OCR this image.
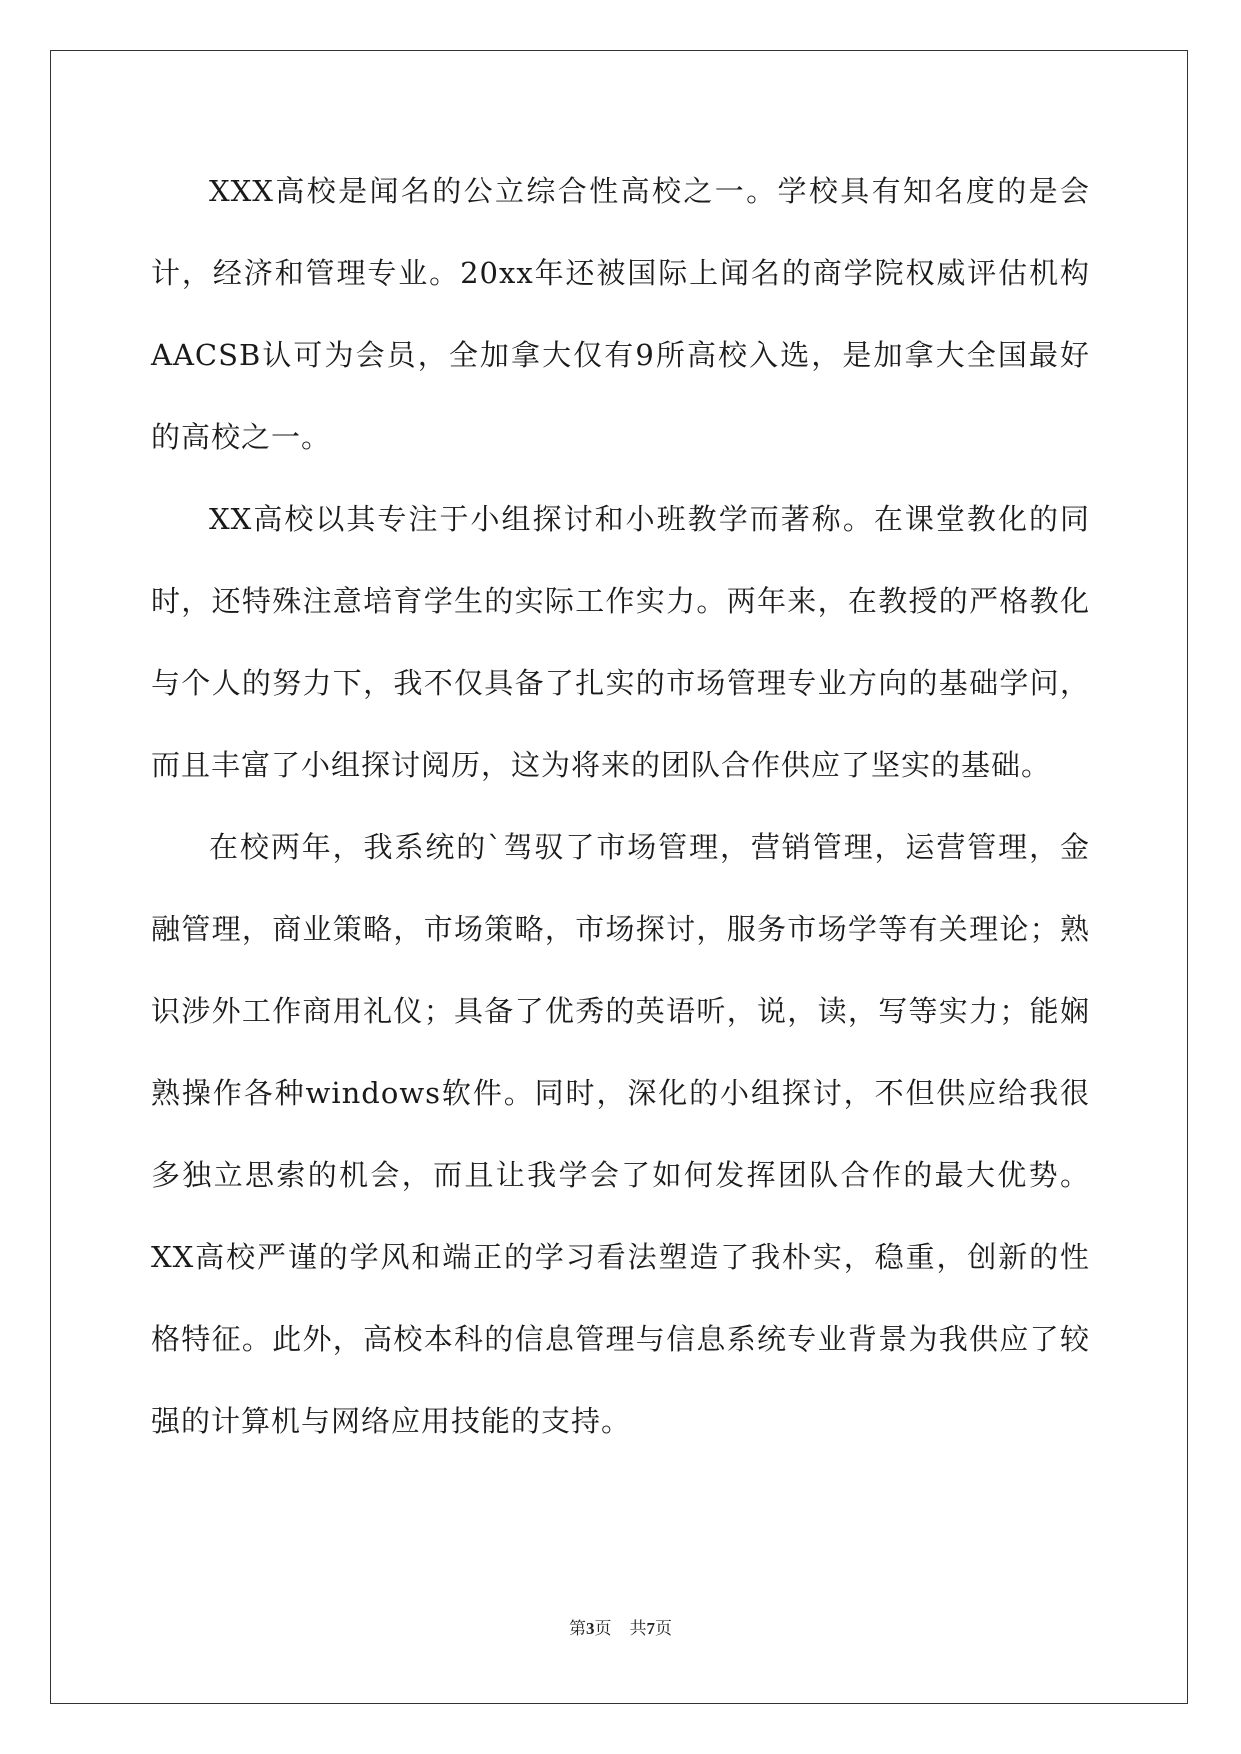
XXX高校是闻名的公立综合性高校之一。学校具有知名度的是会计，经济和管理专业。20xx年还被国际上闻名的商学院权威评估机构AACSB认可为会员，全加拿大仅有9所高校入选，是加拿大全国最好的高校之一。

XX高校以其专注于小组探讨和小班教学而著称。在课堂教化的同时，还特殊注意培育学生的实际工作实力。两年来，在教授的严格教化与个人的努力下，我不仅具备了扎实的市场管理专业方向的基础学问，而且丰富了小组探讨阅历，这为将来的团队合作供应了坚实的基础。

在校两年，我系统的`驾驭了市场管理，营销管理，运营管理，金融管理，商业策略，市场策略，市场探讨，服务市场学等有关理论；熟识涉外工作商用礼仪；具备了优秀的英语听，说，读，写等实力；能娴熟操作各种windows软件。同时，深化的小组探讨，不但供应给我很多独立思索的机会，而且让我学会了如何发挥团队合作的最大优势。XX高校严谨的学风和端正的学习看法塑造了我朴实，稳重，创新的性格特征。此外，高校本科的信息管理与信息系统专业背景为我供应了较强的计算机与网络应用技能的支持。

第3页 共7页
